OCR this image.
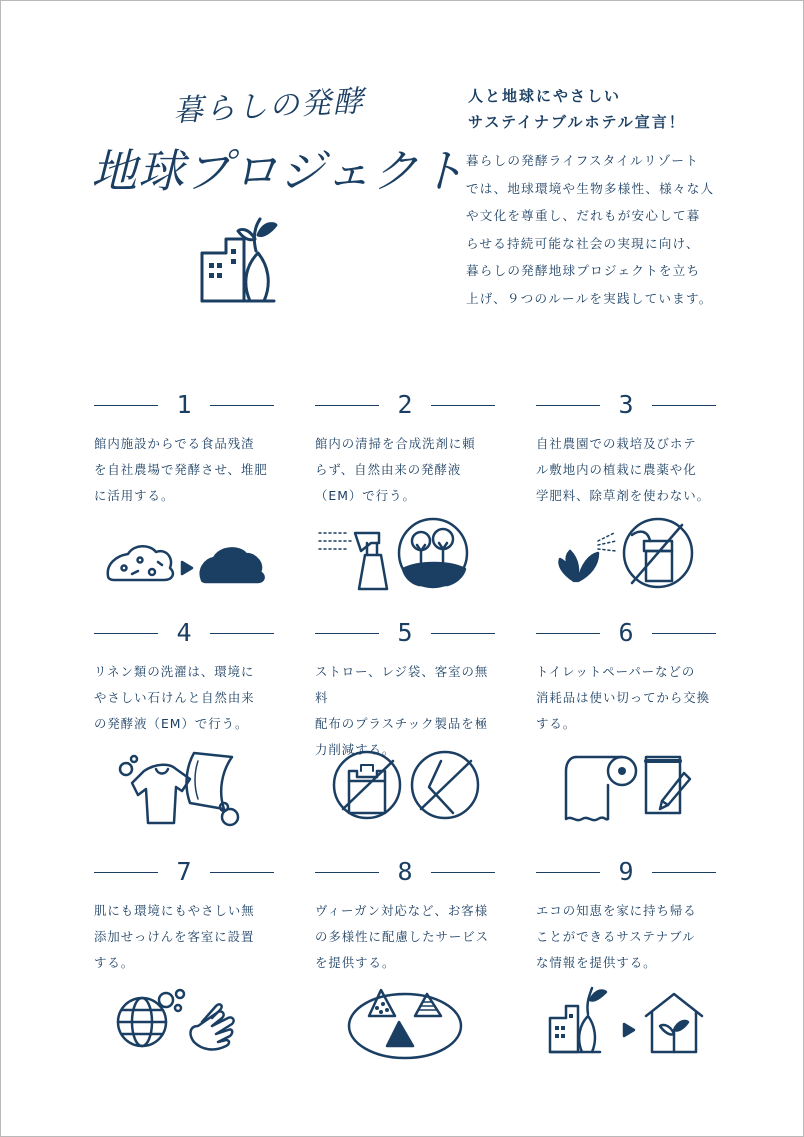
暮らしの発酵
地球プロジェクト
人と地球にやさしい
サステイナブルホテル宣言！
暮らしの発酵ライフスタイルリゾート
では、地球環境や生物多様性、様々な人
や文化を尊重し、だれもが安心して暮
らせる持続可能な社会の実現に向け、
暮らしの発酵地球プロジェクトを立ち
上げ、９つのルールを実践しています。
1
館内施設からでる食品残渣
を自社農場で発酵させ、堆肥
に活用する。
2
館内の清掃を合成洗剤に頼
らず、自然由来の発酵液
（EM）で行う。
3
自社農園での栽培及びホテ
ル敷地内の植栽に農薬や化
学肥料、除草剤を使わない。
4
リネン類の洗濯は、環境に
やさしい石けんと自然由来
の発酵液（EM）で行う。
5
ストロー、レジ袋、客室の無料
配布のプラスチック製品を極
力削減する。
6
トイレットペーパーなどの
消耗品は使い切ってから交換
する。
7
肌にも環境にもやさしい無
添加せっけんを客室に設置
する。
8
ヴィーガン対応など、お客様
の多様性に配慮したサービス
を提供する。
9
エコの知恵を家に持ち帰る
ことができるサステナブル
な情報を提供する。
